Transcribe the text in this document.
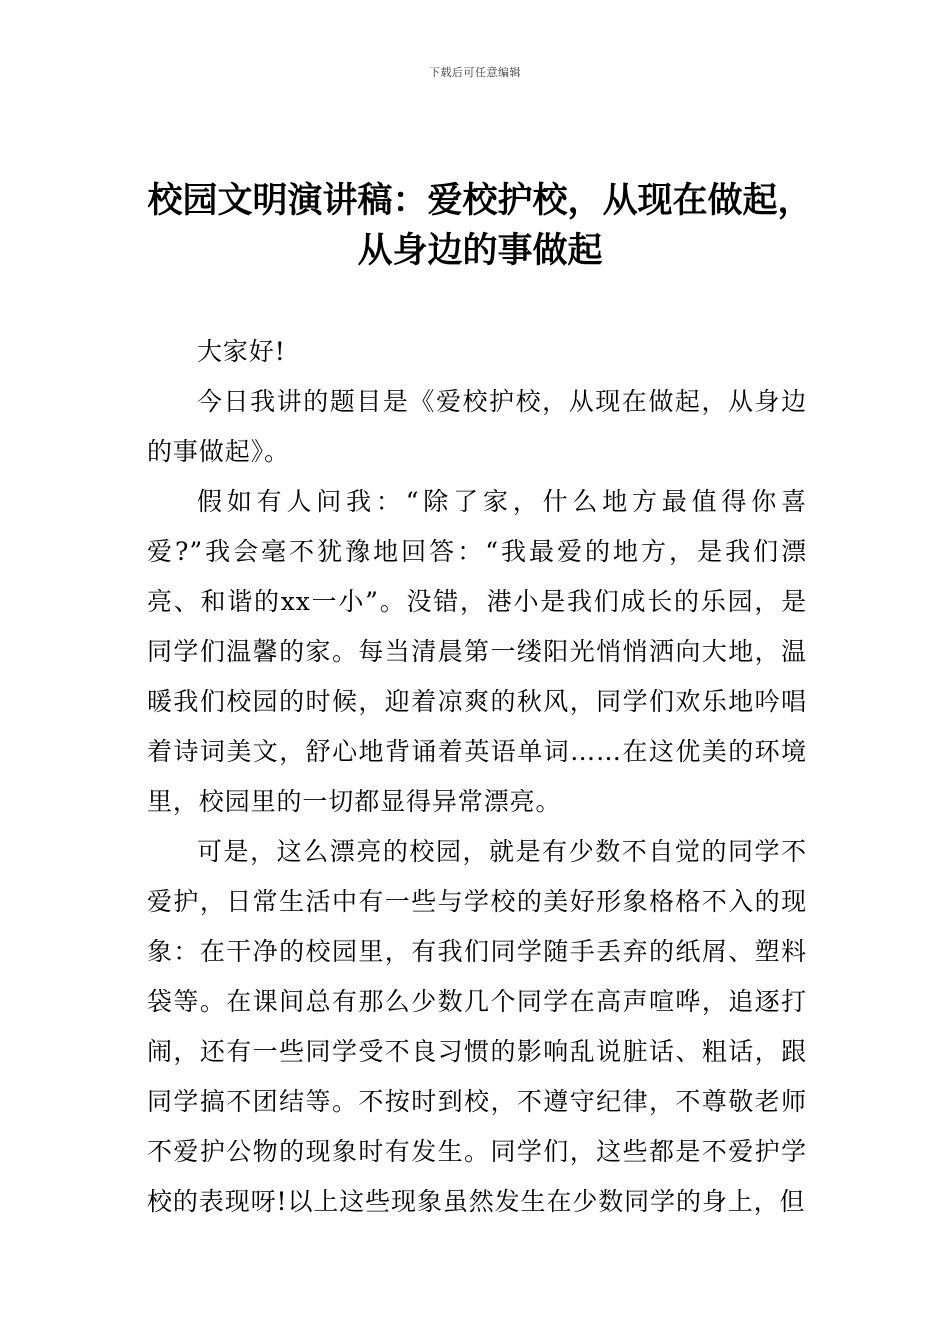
下载后可任意编辑
校园文明演讲稿：爱校护校，从现在做起，从身边的事做起

大家好!

今日我讲的题目是《爱校护校，从现在做起，从身边的事做起》。

假如有人问我：“除了家，什么地方最值得你喜爱?”我会毫不犹豫地回答：“我最爱的地方，是我们漂亮、和谐的xx一小”。没错，港小是我们成长的乐园，是同学们温馨的家。每当清晨第一缕阳光悄悄洒向大地，温暖我们校园的时候，迎着凉爽的秋风，同学们欢乐地吟唱着诗词美文，舒心地背诵着英语单词……在这优美的环境里，校园里的一切都显得异常漂亮。

可是，这么漂亮的校园，就是有少数不自觉的同学不爱护，日常生活中有一些与学校的美好形象格格不入的现象：在干净的校园里，有我们同学随手丢弃的纸屑、塑料袋等。在课间总有那么少数几个同学在高声喧哗，追逐打闹，还有一些同学受不良习惯的影响乱说脏话、粗话，跟同学搞不团结等。不按时到校，不遵守纪律，不尊敬老师不爱护公物的现象时有发生。同学们，这些都是不爱护学校的表现呀!以上这些现象虽然发生在少数同学的身上，但
